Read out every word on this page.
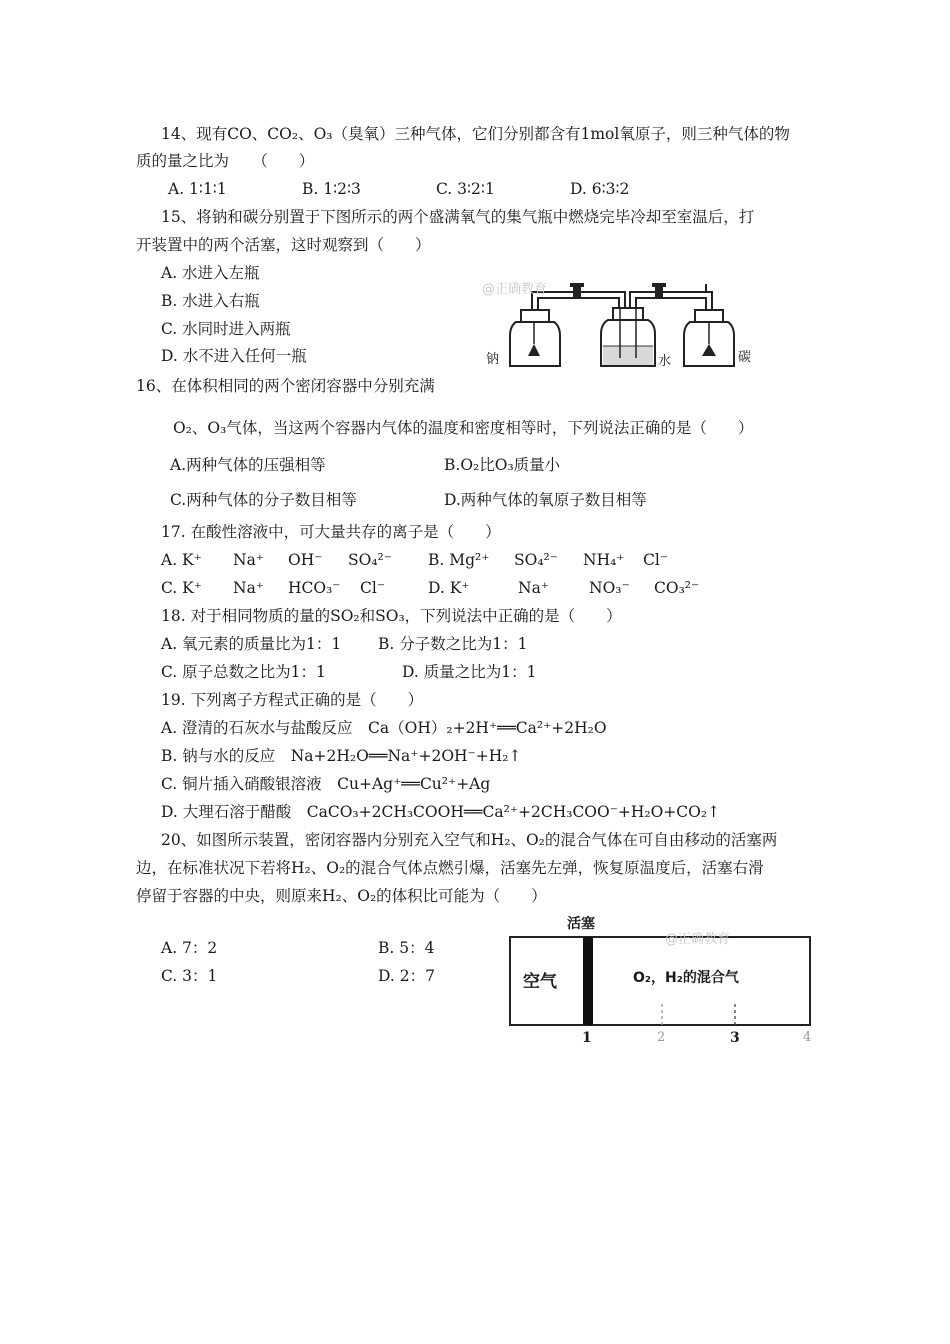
14、现有CO、CO₂、O₃（臭氧）三种气体，它们分别都含有1mol氧原子，则三种气体的物
质的量之比为　　（　　）
A. 1∶1∶1	B. 1∶2∶3	C. 3∶2∶1	D. 6∶3∶2
15、将钠和碳分别置于下图所示的两个盛满氧气的集气瓶中燃烧完毕冷却至室温后，打
开装置中的两个活塞，这时观察到（　　）
A. 水进入左瓶
B. 水进入右瓶
C. 水同时进入两瓶
D. 水不进入任何一瓶
@正确教育
钠	水	碳
16、在体积相同的两个密闭容器中分别充满
O₂、O₃气体，当这两个容器内气体的温度和密度相等时，下列说法正确的是（　　）
A.两种气体的压强相等	B.O₂比O₃质量小
C.两种气体的分子数目相等	D.两种气体的氧原子数目相等
17. 在酸性溶液中，可大量共存的离子是（　　）
A. K⁺ Na⁺ OH⁻ SO₄²⁻ B. Mg²⁺ SO₄²⁻ NH₄⁺ Cl⁻
C. K⁺ Na⁺ HCO₃⁻ Cl⁻	D. K⁺	Na⁺	NO₃⁻ CO₃²⁻
18. 对于相同物质的量的SO₂和SO₃，下列说法中正确的是（　　）
A. 氧元素的质量比为1：1 B. 分子数之比为1：1
C. 原子总数之比为1：1	D. 质量之比为1：1
19. 下列离子方程式正确的是（　　）
A. 澄清的石灰水与盐酸反应　Ca（OH）₂+2H⁺══Ca²⁺+2H₂O
B. 钠与水的反应　Na+2H₂O══Na⁺+2OH⁻+H₂↑
C. 铜片插入硝酸银溶液　Cu+Ag⁺══Cu²⁺+Ag
D. 大理石溶于醋酸　CaCO₃+2CH₃COOH══Ca²⁺+2CH₃COO⁻+H₂O+CO₂↑
20、如图所示装置，密闭容器内分别充入空气和H₂、O₂的混合气体在可自由移动的活塞两
边，在标准状况下若将H₂、O₂的混合气体点燃引爆，活塞先左弹，恢复原温度后，活塞右滑
停留于容器的中央，则原来H₂、O₂的体积比可能为（　　）
A. 7：2	B. 5：4
C. 3：1	D. 2：7
活塞
@正确教育
空气	O₂，H₂的混合气
1	2	3	4
